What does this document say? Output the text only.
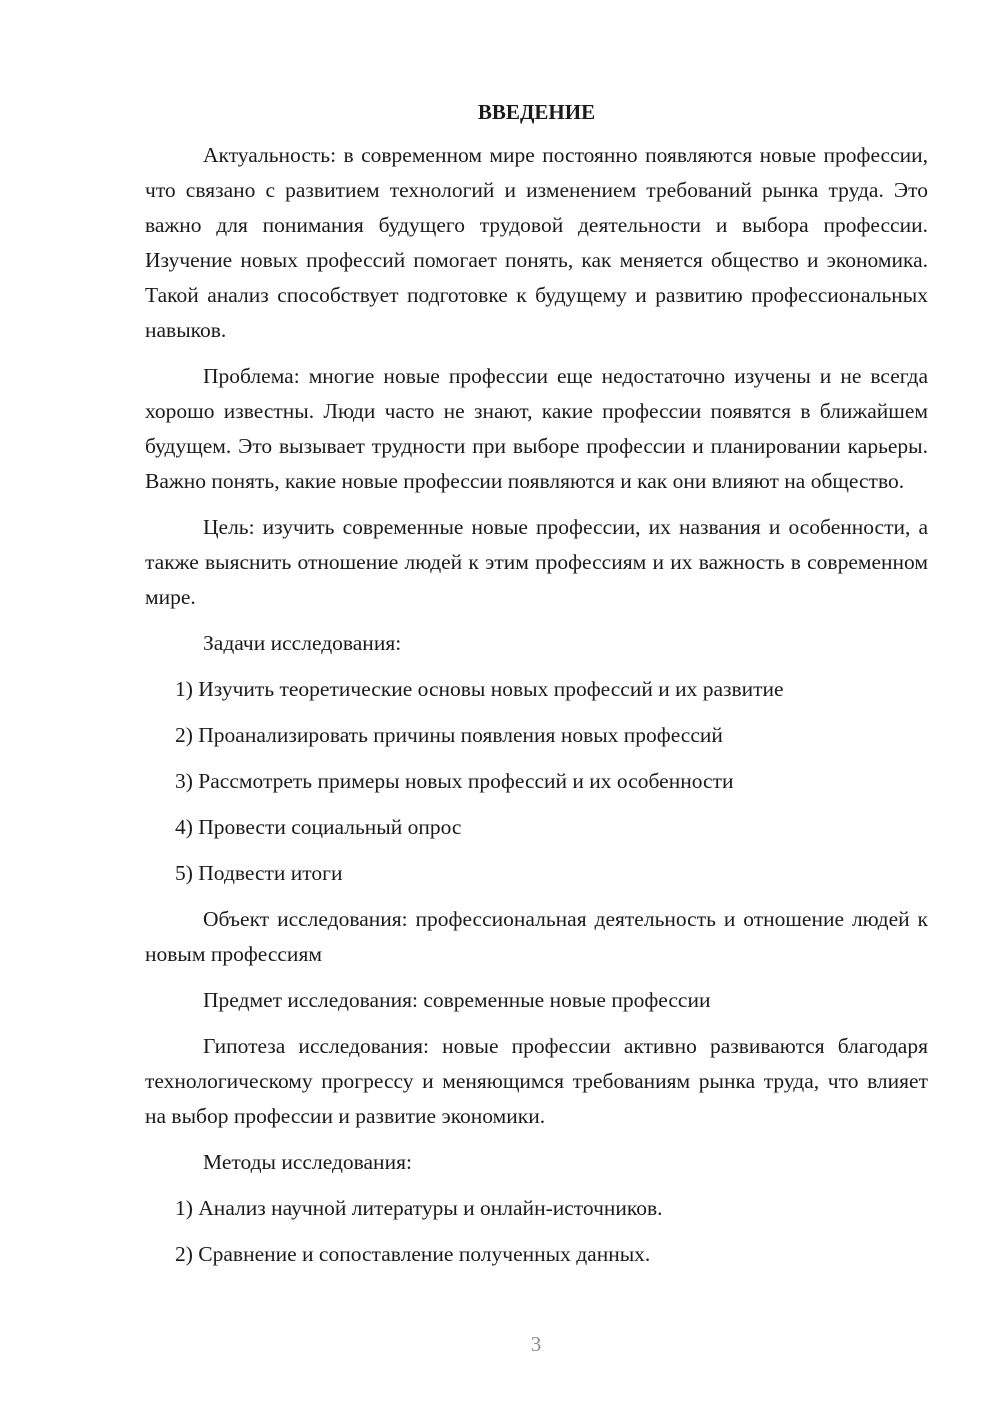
ВВЕДЕНИЕ

Актуальность: в современном мире постоянно появляются новые профессии, что связано с развитием технологий и изменением требований рынка труда. Это важно для понимания будущего трудовой деятельности и выбора профессии. Изучение новых профессий помогает понять, как меняется общество и экономика. Такой анализ способствует подготовке к будущему и развитию профессиональных навыков.

Проблема: многие новые профессии еще недостаточно изучены и не всегда хорошо известны. Люди часто не знают, какие профессии появятся в ближайшем будущем. Это вызывает трудности при выборе профессии и планировании карьеры. Важно понять, какие новые профессии появляются и как они влияют на общество.

Цель: изучить современные новые профессии, их названия и особенности, а также выяснить отношение людей к этим профессиям и их важность в современном мире.

Задачи исследования:

1) Изучить теоретические основы новых профессий и их развитие

2) Проанализировать причины появления новых профессий

3) Рассмотреть примеры новых профессий и их особенности

4) Провести социальный опрос

5) Подвести итоги

Объект исследования: профессиональная деятельность и отношение людей к новым профессиям

Предмет исследования: современные новые профессии

Гипотеза исследования: новые профессии активно развиваются благодаря технологическому прогрессу и меняющимся требованиям рынка труда, что влияет на выбор профессии и развитие экономики.

Методы исследования:

1) Анализ научной литературы и онлайн-источников.

2) Сравнение и сопоставление полученных данных.

3
